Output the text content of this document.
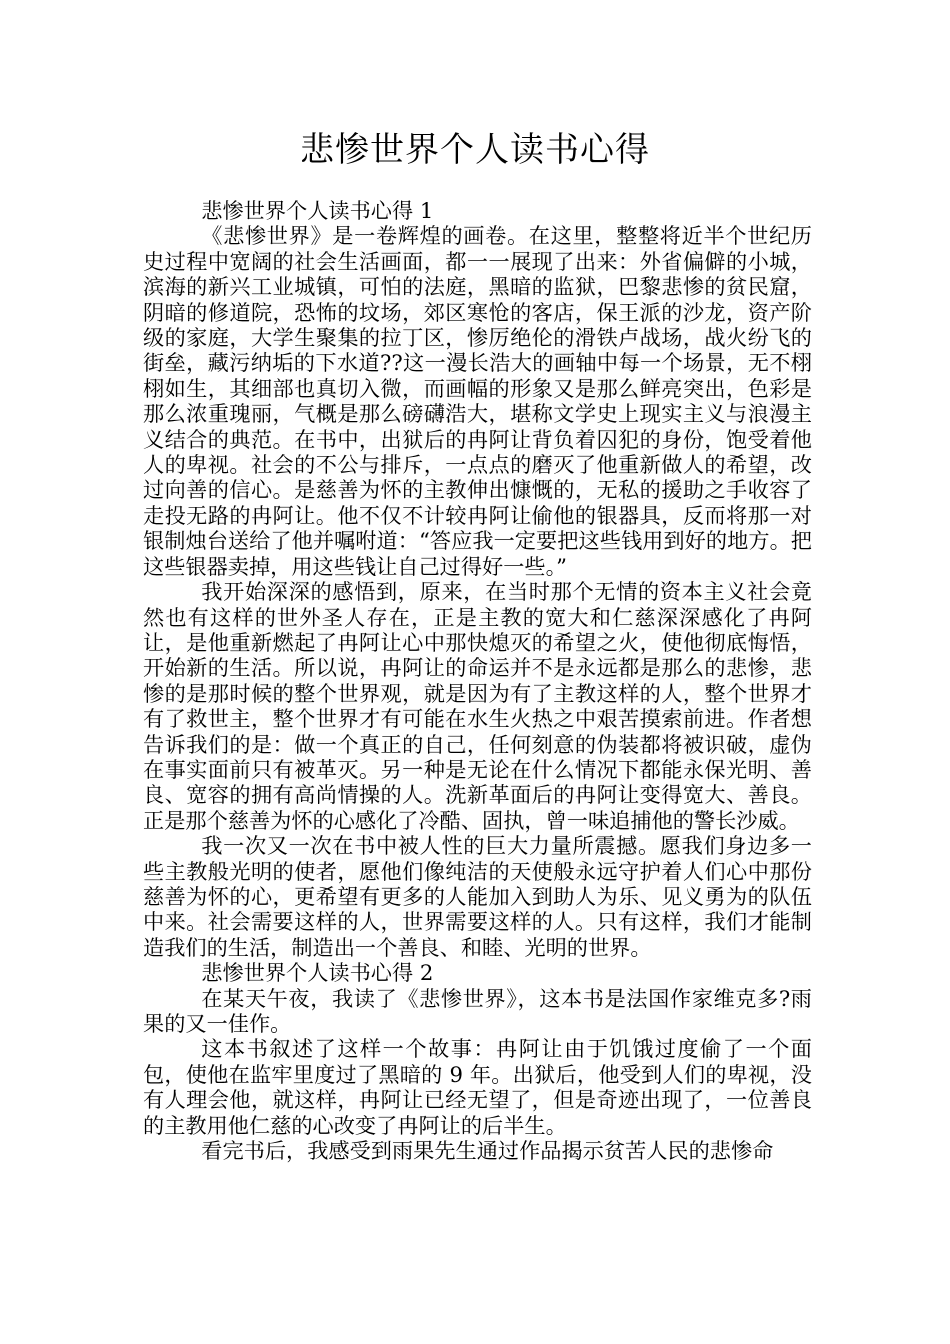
悲惨世界个人读书心得

悲惨世界个人读书心得 1

《悲惨世界》是一卷辉煌的画卷。在这里，整整将近半个世纪历史过程中宽阔的社会生活画面，都一一展现了出来：外省偏僻的小城，滨海的新兴工业城镇，可怕的法庭，黑暗的监狱，巴黎悲惨的贫民窟，阴暗的修道院，恐怖的坟场，郊区寒怆的客店，保王派的沙龙，资产阶级的家庭，大学生聚集的拉丁区，惨厉绝伦的滑铁卢战场，战火纷飞的街垒，藏污纳垢的下水道??这一漫长浩大的画轴中每一个场景，无不栩栩如生，其细部也真切入微，而画幅的形象又是那么鲜亮突出，色彩是那么浓重瑰丽，气概是那么磅礴浩大，堪称文学史上现实主义与浪漫主义结合的典范。在书中，出狱后的冉阿让背负着囚犯的身份，饱受着他人的卑视。社会的不公与排斥，一点点的磨灭了他重新做人的希望，改过向善的信心。是慈善为怀的主教伸出慷慨的，无私的援助之手收容了走投无路的冉阿让。他不仅不计较冉阿让偷他的银器具，反而将那一对银制烛台送给了他并嘱咐道：“答应我一定要把这些钱用到好的地方。把这些银器卖掉，用这些钱让自己过得好一些。”

我开始深深的感悟到，原来，在当时那个无情的资本主义社会竟然也有这样的世外圣人存在，正是主教的宽大和仁慈深深感化了冉阿让，是他重新燃起了冉阿让心中那快熄灭的希望之火，使他彻底悔悟，开始新的生活。所以说，冉阿让的命运并不是永远都是那么的悲惨，悲惨的是那时候的整个世界观，就是因为有了主教这样的人，整个世界才有了救世主，整个世界才有可能在水生火热之中艰苦摸索前进。作者想告诉我们的是：做一个真正的自己，任何刻意的伪装都将被识破，虚伪在事实面前只有被革灭。另一种是无论在什么情况下都能永保光明、善良、宽容的拥有高尚情操的人。洗新革面后的冉阿让变得宽大、善良。正是那个慈善为怀的心感化了冷酷、固执，曾一味追捕他的警长沙威。

我一次又一次在书中被人性的巨大力量所震撼。愿我们身边多一些主教般光明的使者，愿他们像纯洁的天使般永远守护着人们心中那份慈善为怀的心，更希望有更多的人能加入到助人为乐、见义勇为的队伍中来。社会需要这样的人，世界需要这样的人。只有这样，我们才能制造我们的生活，制造出一个善良、和睦、光明的世界。

悲惨世界个人读书心得 2

在某天午夜，我读了《悲惨世界》，这本书是法国作家维克多?雨果的又一佳作。

这本书叙述了这样一个故事：冉阿让由于饥饿过度偷了一个面包，使他在监牢里度过了黑暗的 9 年。出狱后，他受到人们的卑视，没有人理会他，就这样，冉阿让已经无望了，但是奇迹出现了，一位善良的主教用他仁慈的心改变了冉阿让的后半生。

看完书后，我感受到雨果先生通过作品揭示贫苦人民的悲惨命
